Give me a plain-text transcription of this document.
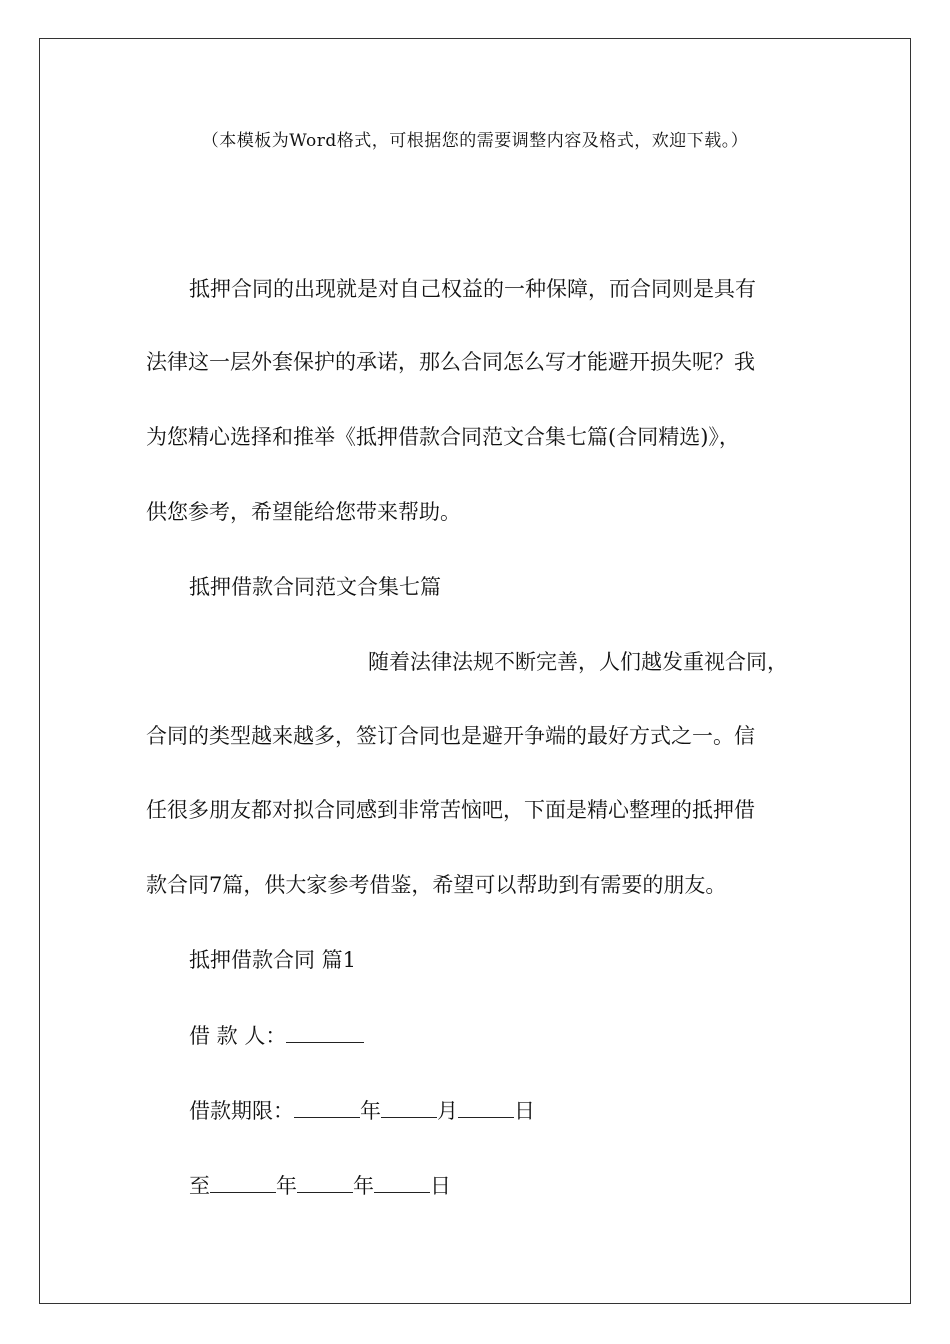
（本模板为Word格式，可根据您的需要调整内容及格式，欢迎下载。）
抵押合同的出现就是对自己权益的一种保障，而合同则是具有
法律这一层外套保护的承诺，那么合同怎么写才能避开损失呢？我
为您精心选择和推举《抵押借款合同范文合集七篇(合同精选)》，
供您参考，希望能给您带来帮助。
抵押借款合同范文合集七篇
随着法律法规不断完善，人们越发重视合同，
合同的类型越来越多，签订合同也是避开争端的最好方式之一。信
任很多朋友都对拟合同感到非常苦恼吧，下面是精心整理的抵押借
款合同7篇，供大家参考借鉴，希望可以帮助到有需要的朋友。
抵押借款合同 篇1
借 款 人：
借款期限：	年	月	日
至	年	年	日
